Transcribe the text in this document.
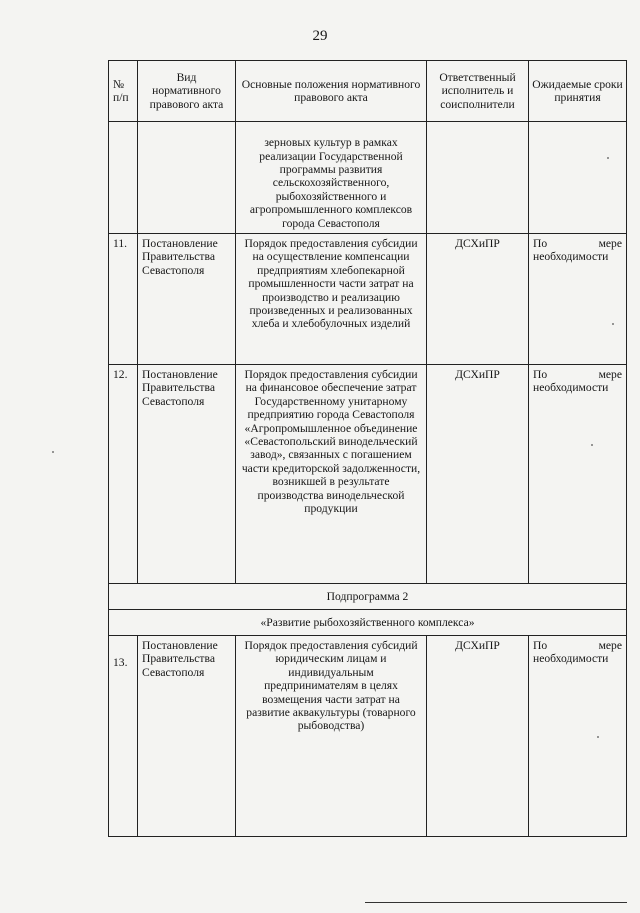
29
№ п/п	Вид нормативного правового акта	Основные положения нормативного правового акта	Ответственный исполнитель и соисполнители	Ожидаемые сроки принятия
		зерновых культур в рамках реализации Государственной программы развития сельскохозяйственного, рыбохозяйственного и агропромышленного комплексов города Севастополя		
11.	Постановление Правительства Севастополя	Порядок предоставления субсидии на осуществление компенсации предприятиям хлебопекарной промышленности части затрат на производство и реализацию произведенных и реализованных хлеба и хлебобулочных изделий	ДСХиПР	По мере необходимости
12.	Постановление Правительства Севастополя	Порядок предоставления субсидии на финансовое обеспечение затрат Государственному унитарному предприятию города Севастополя «Агропромышленное объединение «Севастопольский винодельческий завод», связанных с погашением части кредиторской задолженности, возникшей в результате производства винодельческой продукции	ДСХиПР	По мере необходимости
Подпрограмма 2				
«Развитие рыбохозяйственного комплекса»				
13.	Постановление Правительства Севастополя	Порядок предоставления субсидий юридическим лицам и индивидуальным предпринимателям в целях возмещения части затрат на развитие аквакультуры (товарного рыбоводства)	ДСХиПР	По мере необходимости
